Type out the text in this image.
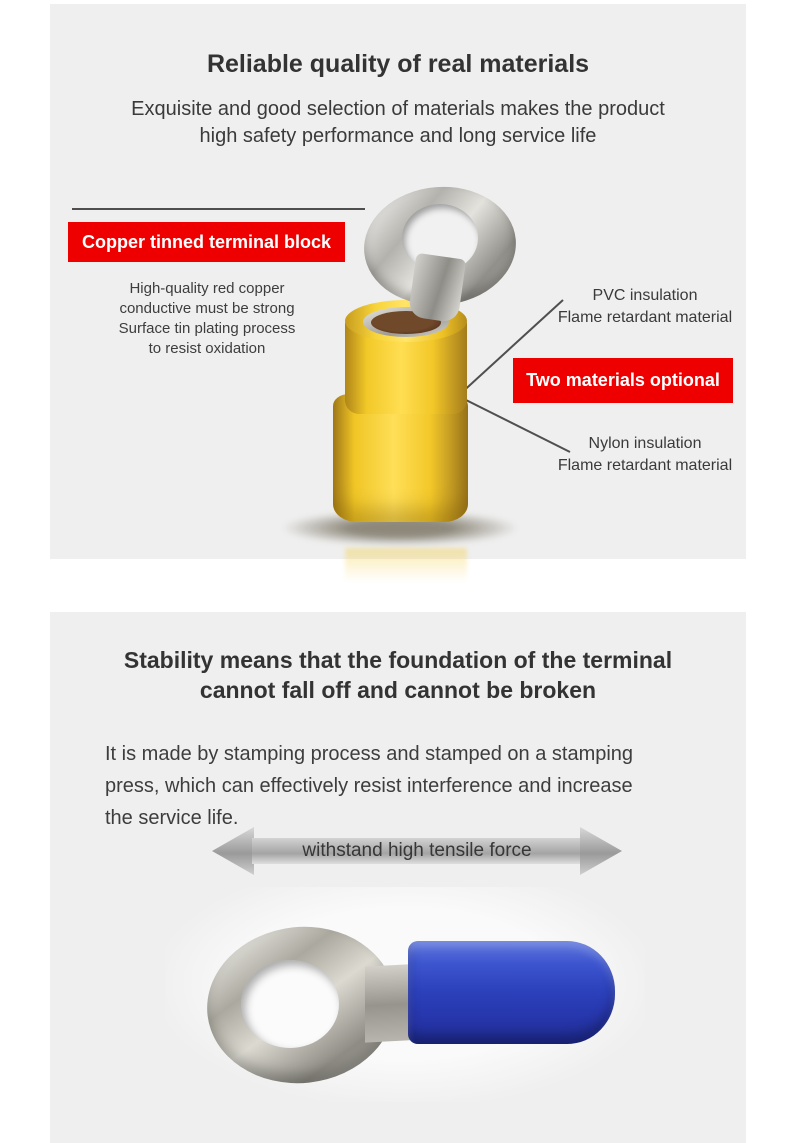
Reliable quality of real materials
Exquisite and good selection of materials makes the product
high safety performance and long service life
Copper tinned terminal block
High-quality red copper
conductive must be strong
Surface tin plating process
to resist oxidation
PVC insulation
Flame retardant material
Two materials optional
Nylon insulation
Flame retardant material
Stability means that the foundation of the terminal
cannot fall off and cannot be broken
It is made by stamping process and stamped on a stamping
press, which can effectively resist interference and increase
the service life.
withstand high tensile force
